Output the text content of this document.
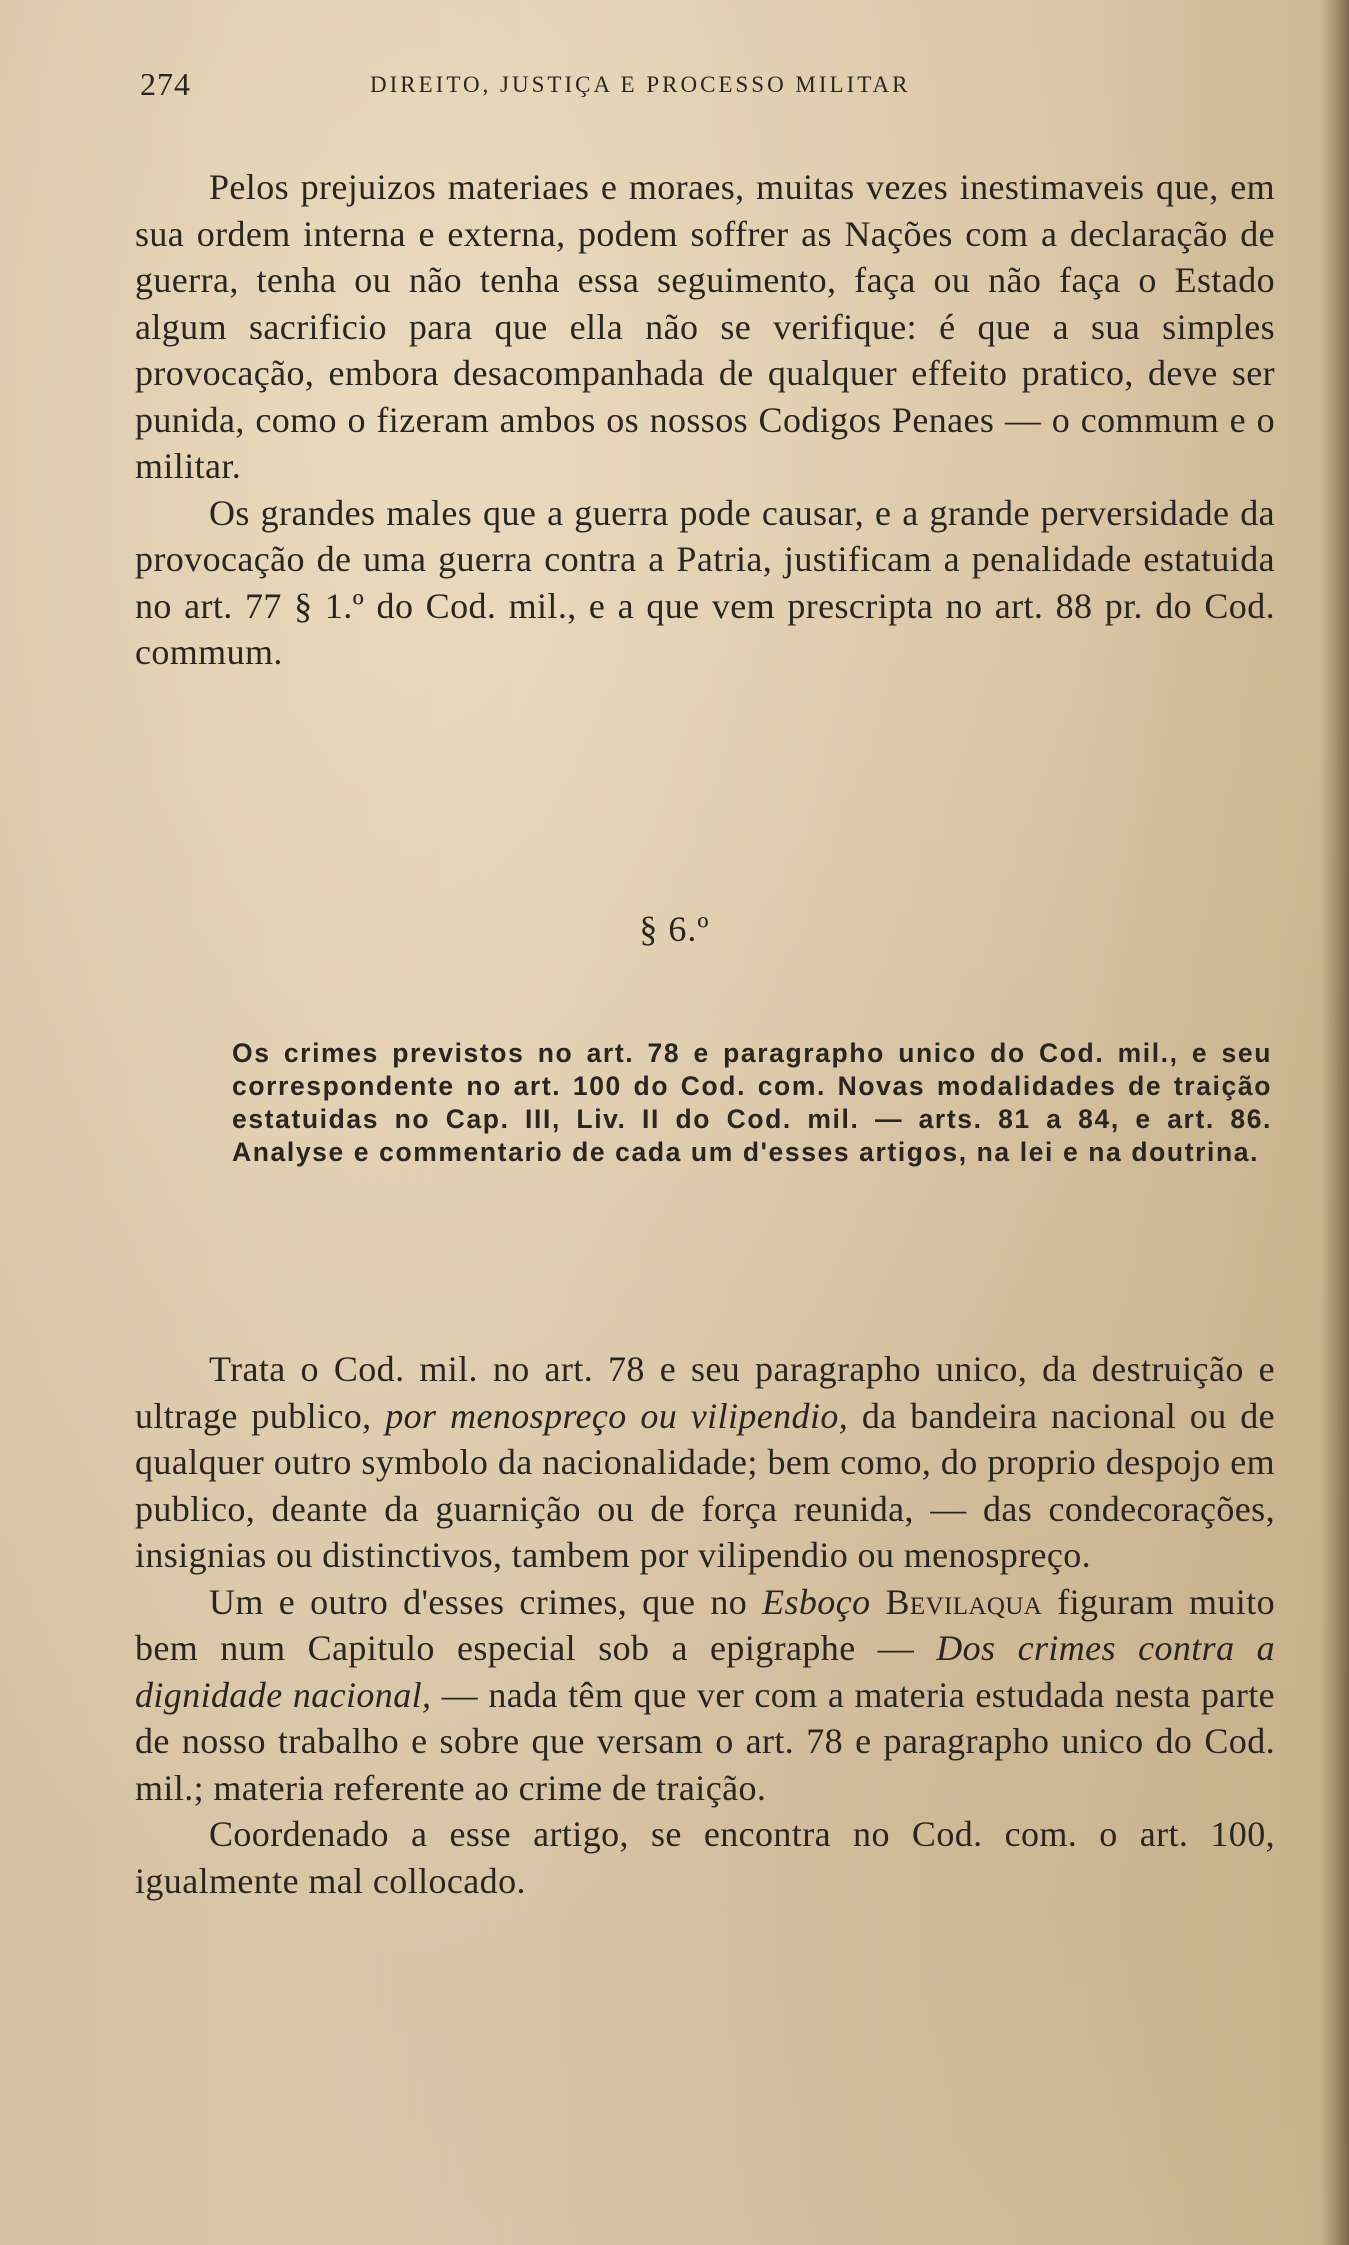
274	DIREITO, JUSTIÇA E PROCESSO MILITAR

Pelos prejuizos materiaes e moraes, muitas vezes inestimaveis que, em sua ordem interna e externa, podem soffrer as Nações com a declaração de guerra, tenha ou não tenha essa seguimento, faça ou não faça o Estado algum sacrificio para que ella não se verifique: é que a sua simples provocação, embora desacompanhada de qualquer effeito pratico, deve ser punida, como o fizeram ambos os nossos Codigos Penaes — o commum e o militar.

Os grandes males que a guerra pode causar, e a grande perversidade da provocação de uma guerra contra a Patria, justificam a penalidade estatuida no art. 77 § 1.º do Cod. mil., e a que vem prescripta no art. 88 pr. do Cod. commum.

§ 6.º
Os crimes previstos no art. 78 e paragrapho unico do Cod. mil., e seu correspondente no art. 100 do Cod. com. Novas modalidades de traição estatuidas no Cap. III, Liv. II do Cod. mil. — arts. 81 a 84, e art. 86. Analyse e commentario de cada um d'esses artigos, na lei e na doutrina.

Trata o Cod. mil. no art. 78 e seu paragrapho unico, da destruição e ultrage publico, por menospreço ou vilipendio, da bandeira nacional ou de qualquer outro symbolo da nacionalidade; bem como, do proprio despojo em publico, deante da guarnição ou de força reunida, — das condecorações, insignias ou distinctivos, tambem por vilipendio ou menospreço.

Um e outro d'esses crimes, que no Esboço Bevilaqua figuram muito bem num Capitulo especial sob a epigraphe — Dos crimes contra a dignidade nacional, — nada têm que ver com a materia estudada nesta parte de nosso trabalho e sobre que versam o art. 78 e paragrapho unico do Cod. mil.; materia referente ao crime de traição.

Coordenado a esse artigo, se encontra no Cod. com. o art. 100, igualmente mal collocado.
